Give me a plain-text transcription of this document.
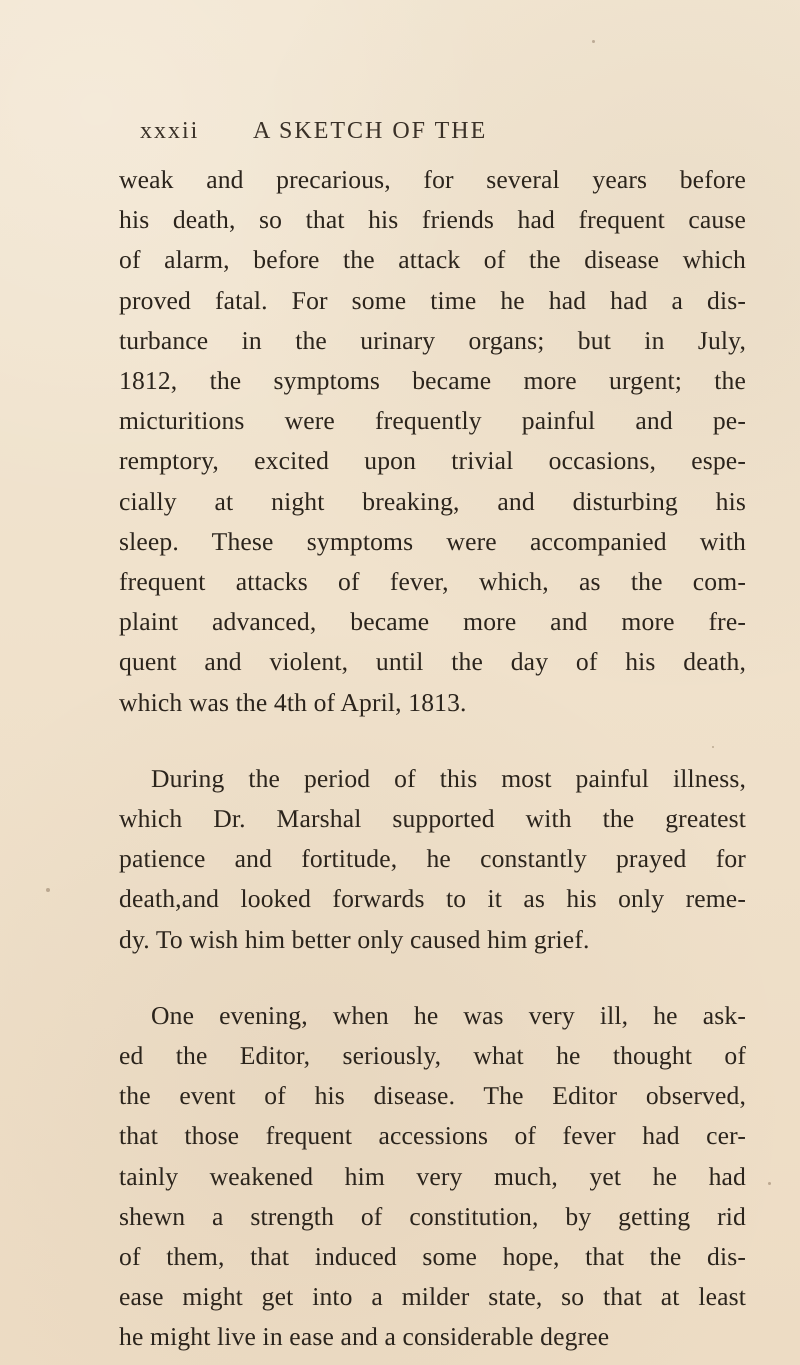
xxxii A SKETCH OF THE

weak and precarious, for several years before
his death, so that his friends had frequent cause
of alarm, before the attack of the disease which
proved fatal. For some time he had had a dis-
turbance in the urinary organs; but in July,
1812, the symptoms became more urgent; the
micturitions were frequently painful and pe-
remptory, excited upon trivial occasions, espe-
cially at night breaking, and disturbing his
sleep. These symptoms were accompanied with
frequent attacks of fever, which, as the com-
plaint advanced, became more and more fre-
quent and violent, until the day of his death,
which was the 4th of April, 1813.

During the period of this most painful illness,
which Dr. Marshal supported with the greatest
patience and fortitude, he constantly prayed for
death,and looked forwards to it as his only reme-
dy. To wish him better only caused him grief.

One evening, when he was very ill, he ask-
ed the Editor, seriously, what he thought of
the event of his disease. The Editor observed,
that those frequent accessions of fever had cer-
tainly weakened him very much, yet he had
shewn a strength of constitution, by getting rid
of them, that induced some hope, that the dis-
ease might get into a milder state, so that at least
he might live in ease and a considerable degree
